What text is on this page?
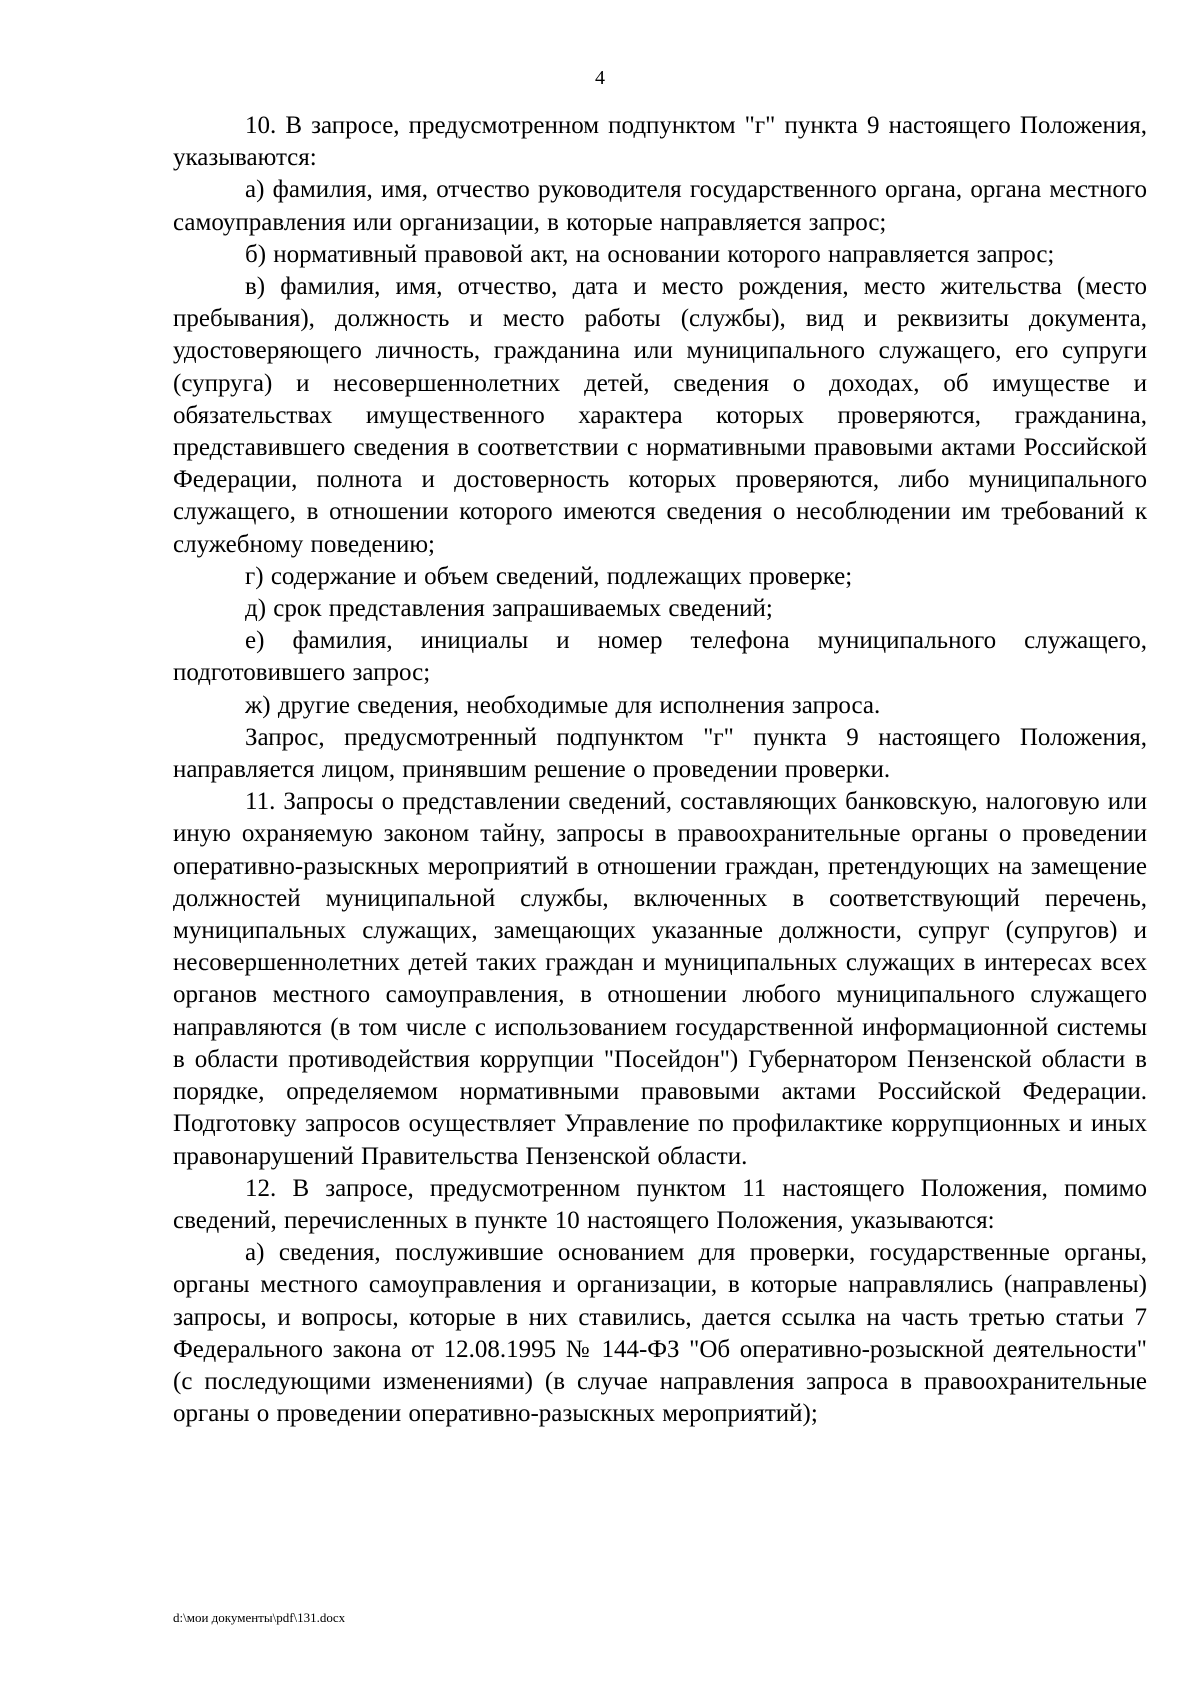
4

10. В запросе, предусмотренном подпунктом "г" пункта 9 настоящего Положения, указываются:

а) фамилия, имя, отчество руководителя государственного органа, органа местного самоуправления или организации, в которые направляется запрос;

б) нормативный правовой акт, на основании которого направляется запрос;

в) фамилия, имя, отчество, дата и место рождения, место жительства (место пребывания), должность и место работы (службы), вид и реквизиты документа, удостоверяющего личность, гражданина или муниципального служащего, его супруги (супруга) и несовершеннолетних детей, сведения о доходах, об имуществе и обязательствах имущественного характера которых проверяются, гражданина, представившего сведения в соответствии с нормативными правовыми актами Российской Федерации, полнота и достоверность которых проверяются, либо муниципального служащего, в отношении которого имеются сведения о несоблюдении им требований к служебному поведению;

г) содержание и объем сведений, подлежащих проверке;

д) срок представления запрашиваемых сведений;

е) фамилия, инициалы и номер телефона муниципального служащего, подготовившего запрос;

ж) другие сведения, необходимые для исполнения запроса.

Запрос, предусмотренный подпунктом "г" пункта 9 настоящего Положения, направляется лицом, принявшим решение о проведении проверки.

11. Запросы о представлении сведений, составляющих банковскую, налоговую или иную охраняемую законом тайну, запросы в правоохранительные органы о проведении оперативно-разыскных мероприятий в отношении граждан, претендующих на замещение должностей муниципальной службы, включенных в соответствующий перечень, муниципальных служащих, замещающих указанные должности, супруг (супругов) и несовершеннолетних детей таких граждан и муниципальных служащих в интересах всех органов местного самоуправления, в отношении любого муниципального служащего направляются (в том числе с использованием государственной информационной системы в области противодействия коррупции "Посейдон") Губернатором Пензенской области в порядке, определяемом нормативными правовыми актами Российской Федерации. Подготовку запросов осуществляет Управление по профилактике коррупционных и иных правонарушений Правительства Пензенской области.

12. В запросе, предусмотренном пунктом 11 настоящего Положения, помимо сведений, перечисленных в пункте 10 настоящего Положения, указываются:

а) сведения, послужившие основанием для проверки, государственные органы, органы местного самоуправления и организации, в которые направлялись (направлены) запросы, и вопросы, которые в них ставились, дается ссылка на часть третью статьи 7 Федерального закона от 12.08.1995 № 144-ФЗ "Об оперативно-розыскной деятельности" (с последующими изменениями) (в случае направления запроса в правоохранительные органы о проведении оперативно-разыскных мероприятий);

d:\мои документы\pdf\131.docx
